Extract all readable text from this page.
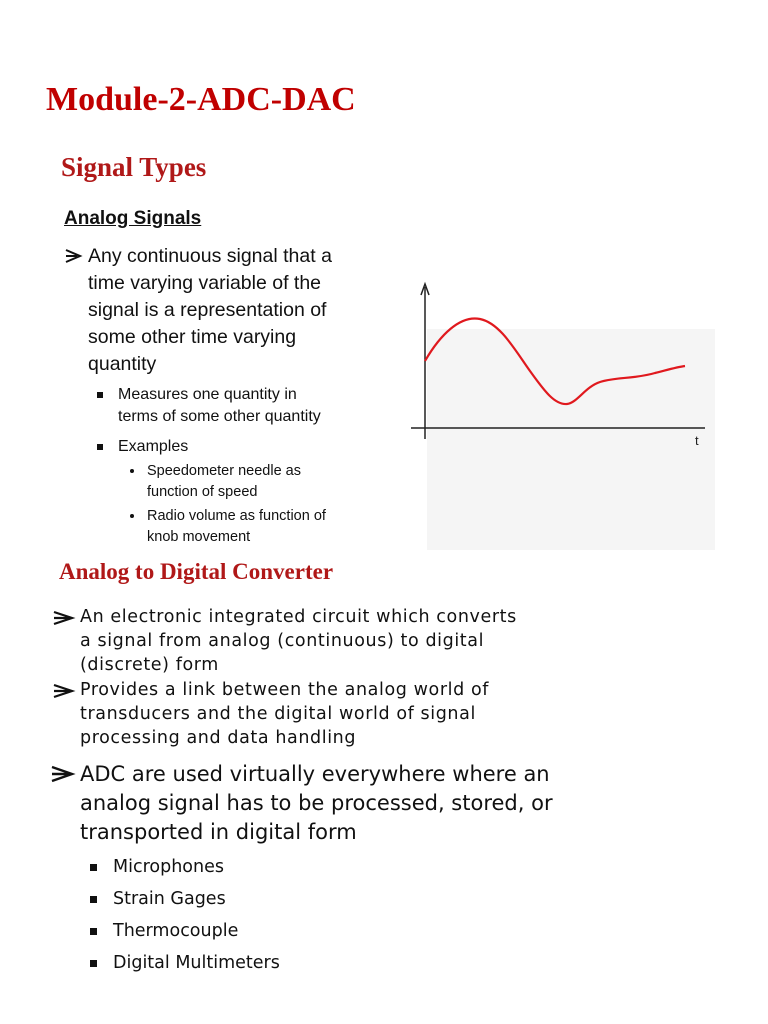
Module-2-ADC-DAC
Signal Types
Analog Signals
Any continuous signal that a
time varying variable of the
signal is a representation of
some other time varying
quantity
Measures one quantity in
terms of some other quantity
Examples
Speedometer needle as
function of speed
Radio volume as function of
knob movement
t
Analog to Digital Converter
An electronic integrated circuit which converts
a signal from analog (continuous) to digital
(discrete) form
Provides a link between the analog world of
transducers and the digital world of signal
processing and data handling
ADC are used virtually everywhere where an
analog signal has to be processed, stored, or
transported in digital form
Microphones
Strain Gages
Thermocouple
Digital Multimeters
